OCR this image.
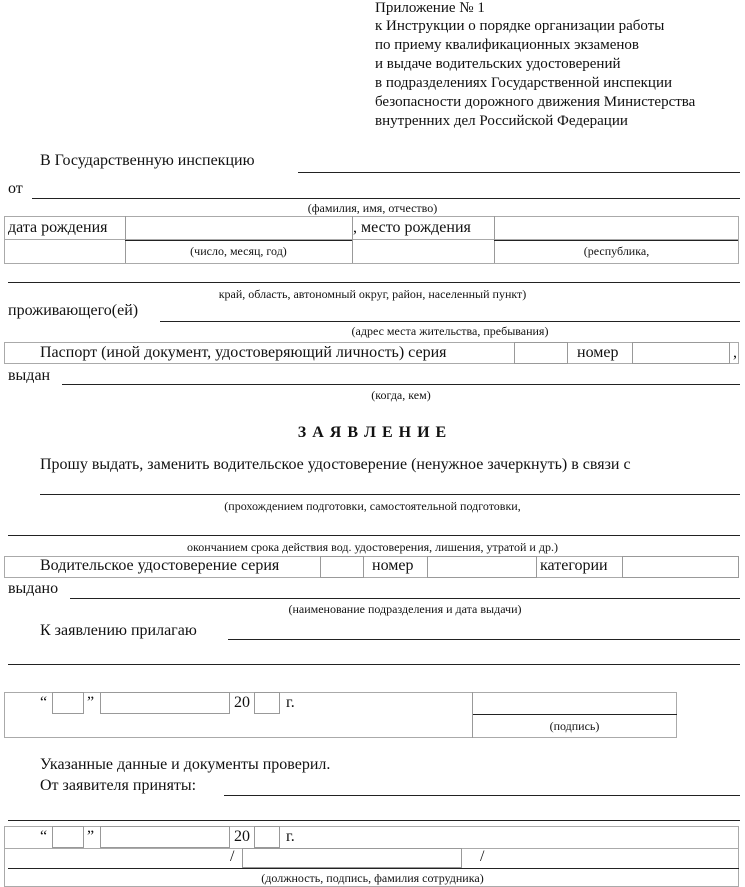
Приложение № 1
к Инструкции о порядке организации работы
по приему квалификационных экзаменов
и выдаче водительских удостоверений
в подразделениях Государственной инспекции
безопасности дорожного движения Министерства
внутренних дел Российской Федерации
В Государственную инспекцию
от
(фамилия, имя, отчество)
дата рождения	, место рождения
(число, месяц, год)	(республика,
край, область, автономный округ, район, населенный пункт)
проживающего(ей)
(адрес места жительства, пребывания)
Паспорт (иной документ, удостоверяющий личность) серия	номер	,
выдан
(когда, кем)
З А Я В Л Е Н И Е
Прошу выдать, заменить водительское удостоверение (ненужное зачеркнуть) в связи с
(прохождением подготовки, самостоятельной подготовки,
окончанием срока действия вод. удостоверения, лишения, утратой и др.)
Водительское удостоверение серия	номер	категории
выдано
(наименование подразделения и дата выдачи)
К заявлению прилагаю
“ ”	20 г.
(подпись)
Указанные данные и документы проверил.
От заявителя приняты:
“ ”	20 г.
/	/
(должность, подпись, фамилия сотрудника)
